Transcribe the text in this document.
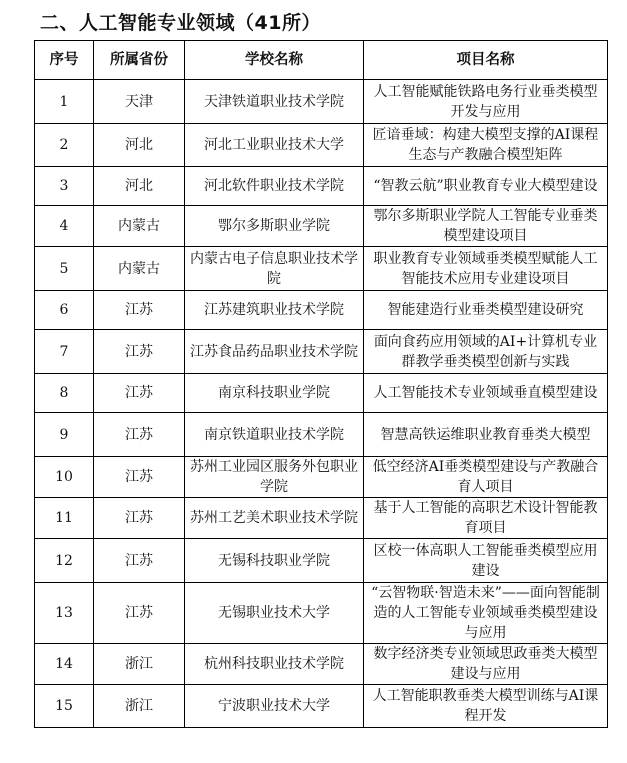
二、人工智能专业领域（41所）
序号	所属省份	学校名称	项目名称
1	天津	天津铁道职业技术学院	人工智能赋能铁路电务行业垂类模型开发与应用
2	河北	河北工业职业技术大学	匠谙垂域：构建大模型支撑的AI课程生态与产教融合模型矩阵
3	河北	河北软件职业技术学院	“智教云航”职业教育专业大模型建设
4	内蒙古	鄂尔多斯职业学院	鄂尔多斯职业学院人工智能专业垂类模型建设项目
5	内蒙古	内蒙古电子信息职业技术学院	职业教育专业领域垂类模型赋能人工智能技术应用专业建设项目
6	江苏	江苏建筑职业技术学院	智能建造行业垂类模型建设研究
7	江苏	江苏食品药品职业技术学院	面向食药应用领域的AI+计算机专业群教学垂类模型创新与实践
8	江苏	南京科技职业学院	人工智能技术专业领域垂直模型建设
9	江苏	南京铁道职业技术学院	智慧高铁运维职业教育垂类大模型
10	江苏	苏州工业园区服务外包职业学院	低空经济AI垂类模型建设与产教融合育人项目
11	江苏	苏州工艺美术职业技术学院	基于人工智能的高职艺术设计智能教育项目
12	江苏	无锡科技职业学院	区校一体高职人工智能垂类模型应用建设
13	江苏	无锡职业技术大学	“云智物联·智造未来”——面向智能制造的人工智能专业领域垂类模型建设与应用
14	浙江	杭州科技职业技术学院	数字经济类专业领域思政垂类大模型建设与应用
15	浙江	宁波职业技术大学	人工智能职教垂类大模型训练与AI课程开发
